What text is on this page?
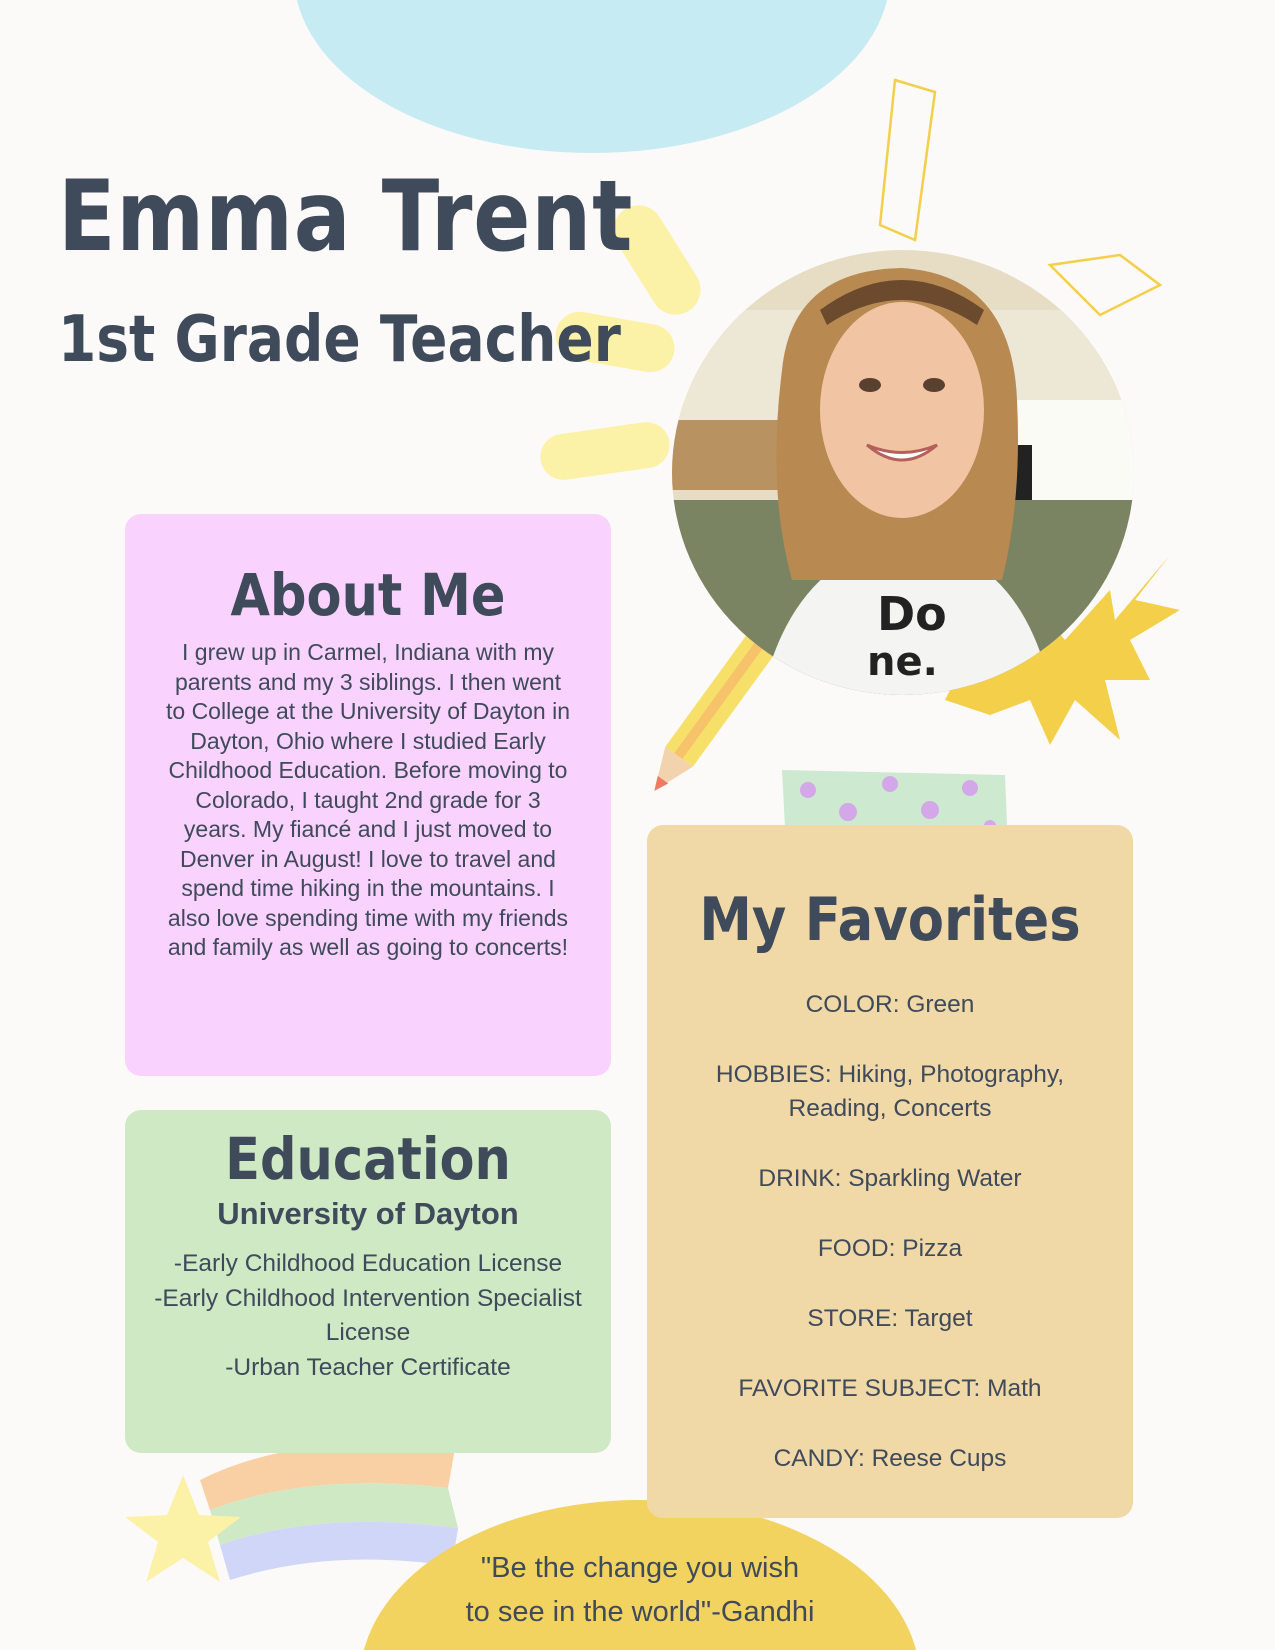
Do
ne.
Emma Trent
1st Grade Teacher
About Me
I grew up in Carmel, Indiana with my parents and my 3 siblings. I then went to College at the University of Dayton in Dayton, Ohio where I studied Early Childhood Education. Before moving to Colorado, I taught 2nd grade for 3 years. My fiancé and I just moved to Denver in August! I love to travel and spend time hiking in the mountains. I also love spending time with my friends and family as well as going to concerts!
Education
University of Dayton
-Early Childhood Education License
-Early Childhood Intervention Specialist License
-Urban Teacher Certificate
My Favorites
COLOR: Green
HOBBIES: Hiking, Photography, Reading, Concerts
DRINK: Sparkling Water
FOOD: Pizza
STORE: Target
FAVORITE SUBJECT: Math
CANDY: Reese Cups
"Be the change you wish
to see in the world"-Gandhi
